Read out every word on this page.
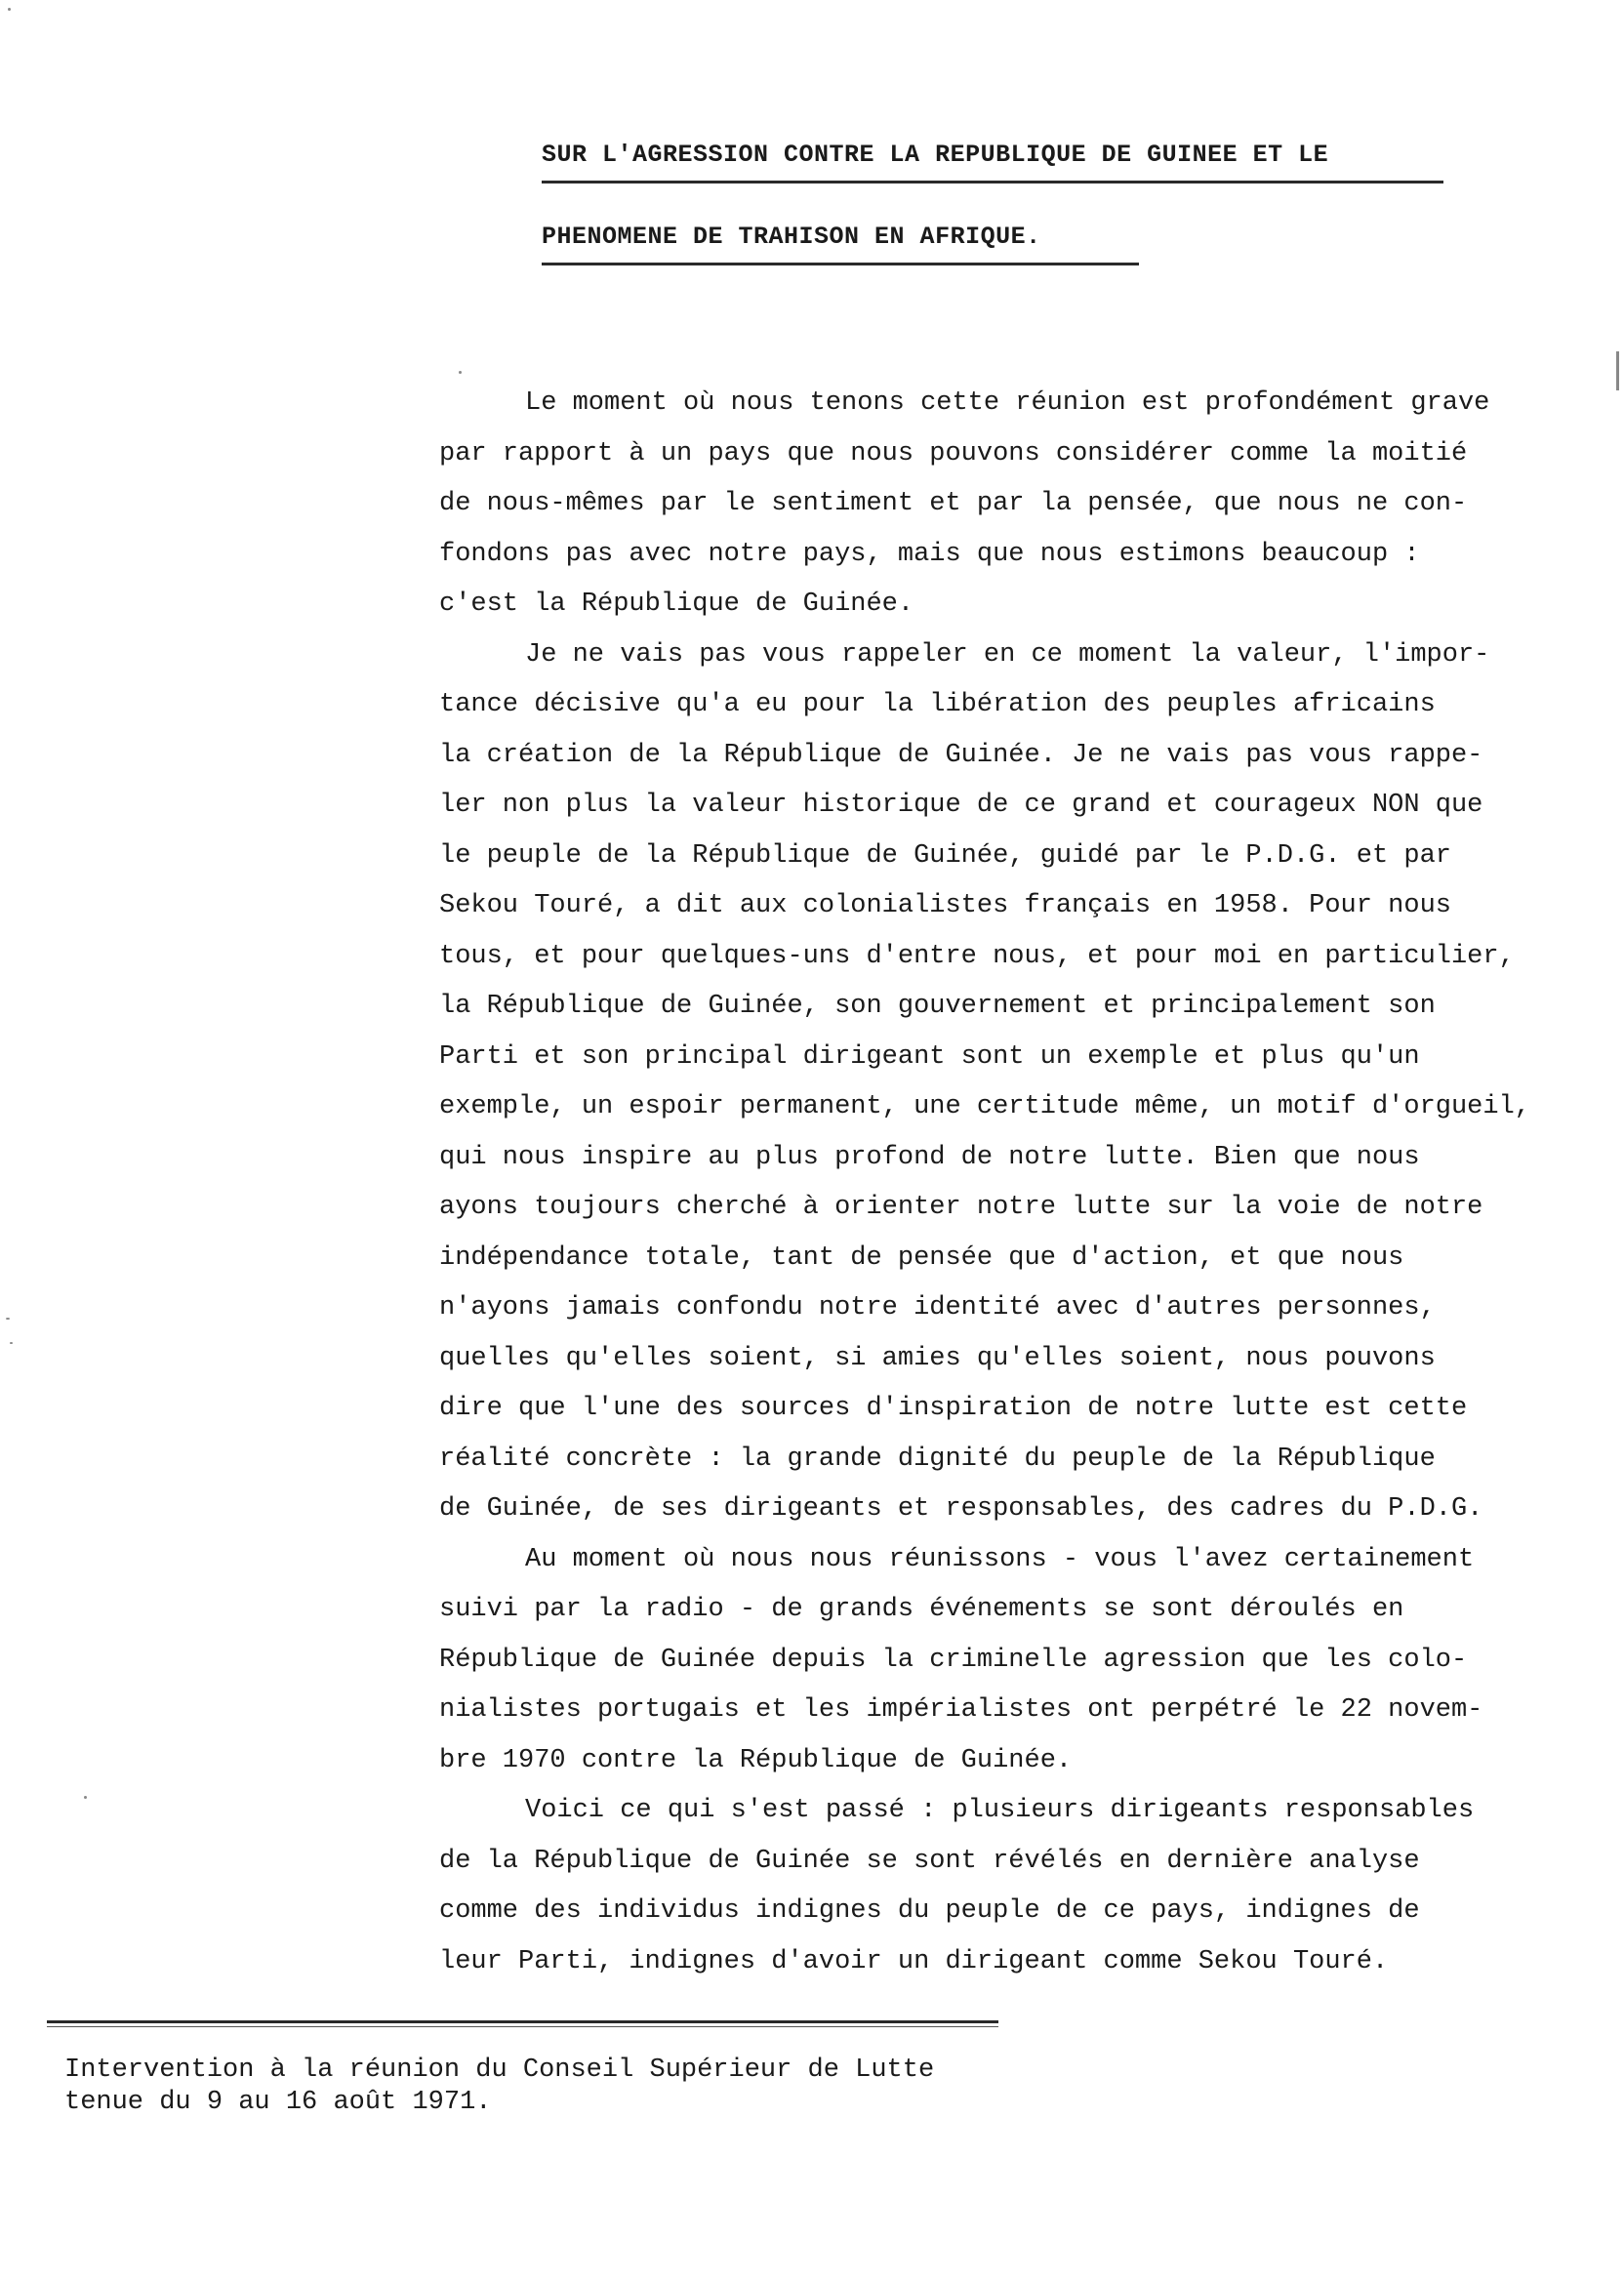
SUR L'AGRESSION CONTRE LA REPUBLIQUE DE GUINEE ET LE
PHENOMENE DE TRAHISON EN AFRIQUE.
Le moment où nous tenons cette réunion est profondément grave
par rapport à un pays que nous pouvons considérer comme la moitié
de nous-mêmes par le sentiment et par la pensée, que nous ne con-
fondons pas avec notre pays, mais que nous estimons beaucoup :
c'est la République de Guinée.
Je ne vais pas vous rappeler en ce moment la valeur, l'impor-
tance décisive qu'a eu pour la libération des peuples africains
la création de la République de Guinée. Je ne vais pas vous rappe-
ler non plus la valeur historique de ce grand et courageux NON que
le peuple de la République de Guinée, guidé par le P.D.G. et par
Sekou Touré, a dit aux colonialistes français en 1958. Pour nous
tous, et pour quelques-uns d'entre nous, et pour moi en particulier,
la République de Guinée, son gouvernement et principalement son
Parti et son principal dirigeant sont un exemple et plus qu'un
exemple, un espoir permanent, une certitude même, un motif d'orgueil,
qui nous inspire au plus profond de notre lutte. Bien que nous
ayons toujours cherché à orienter notre lutte sur la voie de notre
indépendance totale, tant de pensée que d'action, et que nous
n'ayons jamais confondu notre identité avec d'autres personnes,
quelles qu'elles soient, si amies qu'elles soient, nous pouvons
dire que l'une des sources d'inspiration de notre lutte est cette
réalité concrète : la grande dignité du peuple de la République
de Guinée, de ses dirigeants et responsables, des cadres du P.D.G.
Au moment où nous nous réunissons - vous l'avez certainement
suivi par la radio - de grands événements se sont déroulés en
République de Guinée depuis la criminelle agression que les colo-
nialistes portugais et les impérialistes ont perpétré le 22 novem-
bre 1970 contre la République de Guinée.
Voici ce qui s'est passé : plusieurs dirigeants responsables
de la République de Guinée se sont révélés en dernière analyse
comme des individus indignes du peuple de ce pays, indignes de
leur Parti, indignes d'avoir un dirigeant comme Sekou Touré.
Intervention à la réunion du Conseil Supérieur de Lutte
tenue du 9 au 16 août 1971.
